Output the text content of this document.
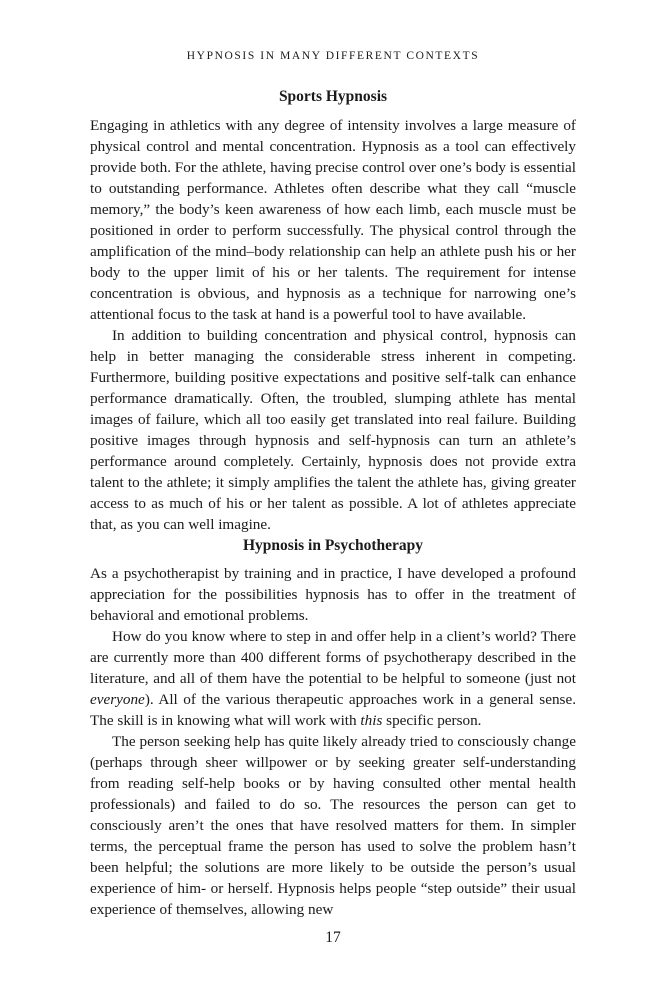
HYPNOSIS IN MANY DIFFERENT CONTEXTS
Sports Hypnosis

Engaging in athletics with any degree of intensity involves a large measure of physical control and mental concentration. Hypnosis as a tool can effectively provide both. For the athlete, having precise control over one’s body is essential to outstanding performance. Athletes often describe what they call “muscle memory,” the body’s keen awareness of how each limb, each muscle must be positioned in order to perform successfully. The physical control through the amplification of the mind–body relationship can help an athlete push his or her body to the upper limit of his or her talents. The requirement for intense concentration is obvious, and hypnosis as a technique for narrowing one’s attentional focus to the task at hand is a powerful tool to have available.

In addition to building concentration and physical control, hypnosis can help in better managing the considerable stress inherent in competing. Furthermore, building positive expectations and positive self-talk can enhance performance dramatically. Often, the troubled, slumping athlete has mental images of failure, which all too easily get translated into real failure. Building positive images through hypnosis and self-hypnosis can turn an athlete’s performance around completely. Certainly, hypnosis does not provide extra talent to the athlete; it simply amplifies the talent the athlete has, giving greater access to as much of his or her talent as possible. A lot of athletes appreciate that, as you can well imagine.

Hypnosis in Psychotherapy

As a psychotherapist by training and in practice, I have developed a profound appreciation for the possibilities hypnosis has to offer in the treatment of behavioral and emotional problems.

How do you know where to step in and offer help in a client’s world? There are currently more than 400 different forms of psychotherapy described in the literature, and all of them have the potential to be helpful to someone (just not everyone). All of the various therapeutic approaches work in a general sense. The skill is in knowing what will work with this specific person.

The person seeking help has quite likely already tried to consciously change (perhaps through sheer willpower or by seeking greater self-understanding from reading self-help books or by having consulted other mental health professionals) and failed to do so. The resources the person can get to consciously aren’t the ones that have resolved matters for them. In simpler terms, the perceptual frame the person has used to solve the problem hasn’t been helpful; the solutions are more likely to be outside the person’s usual experience of him- or herself. Hypnosis helps people “step outside” their usual experience of themselves, allowing new

17
